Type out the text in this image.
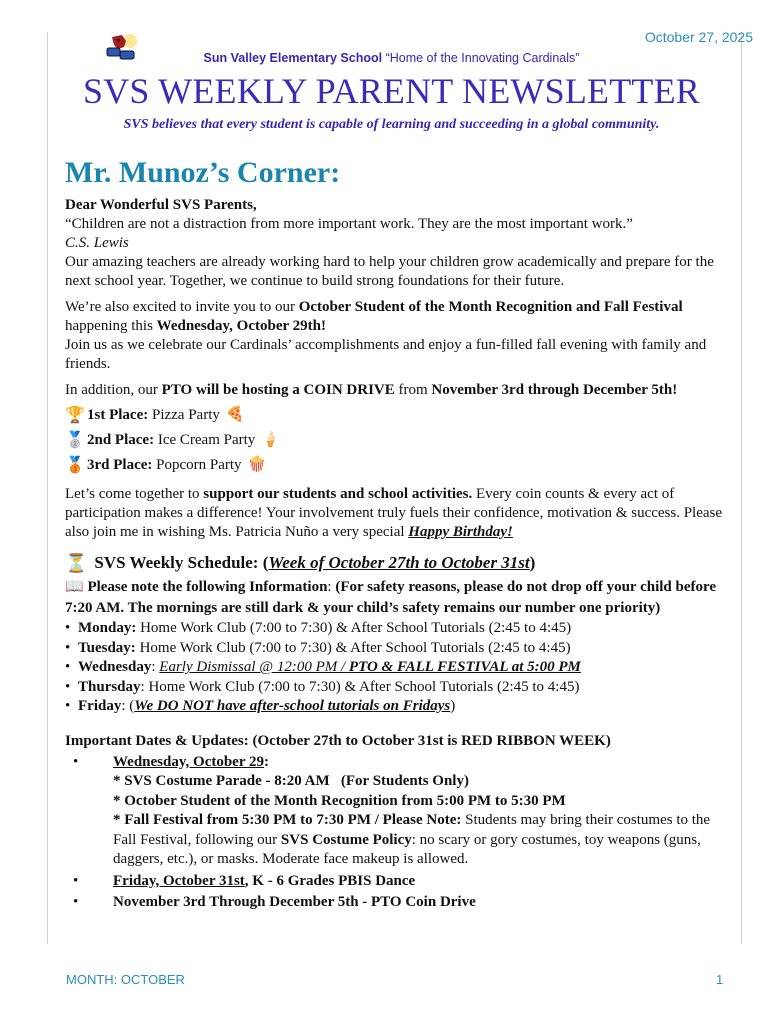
October 27, 2025
Sun Valley Elementary School “Home of the Innovating Cardinals”
SVS WEEKLY PARENT NEWSLETTER
SVS believes that every student is capable of learning and succeeding in a global community.
Mr. Munoz’s Corner:

Dear Wonderful SVS Parents,

“Children are not a distraction from more important work. They are the most important work.”

C.S. Lewis

Our amazing teachers are already working hard to help your children grow academically and prepare for the next school year. Together, we continue to build strong foundations for their future.

We’re also excited to invite you to our October Student of the Month Recognition and Fall Festival happening this Wednesday, October 29th!

Join us as we celebrate our Cardinals’ accomplishments and enjoy a fun-filled fall evening with family and friends.

In addition, our PTO will be hosting a COIN DRIVE from November 3rd through December 5th!

🏆 1st Place: Pizza Party 🍕
🥈 2nd Place: Ice Cream Party 🍦
🥉 3rd Place: Popcorn Party 🍿

Let’s come together to support our students and school activities. Every coin counts & every act of participation makes a difference! Your involvement truly fuels their confidence, motivation & success. Please also join me in wishing Ms. Patricia Nuño a very special Happy Birthday!

⏳ SVS Weekly Schedule: ( Week of October 27th to October 31st )

📖 Please note the following Information: (For safety reasons, please do not drop off your child before 7:20 AM. The mornings are still dark & your child’s safety remains our number one priority)

• Monday: Home Work Club (7:00 to 7:30) & After School Tutorials (2:45 to 4:45)
• Tuesday: Home Work Club (7:00 to 7:30) & After School Tutorials (2:45 to 4:45)
• Wednesday: Early Dismissal @ 12:00 PM / PTO & FALL FESTIVAL at 5:00 PM
• Thursday: Home Work Club (7:00 to 7:30) & After School Tutorials (2:45 to 4:45)
• Friday: (We DO NOT have after-school tutorials on Fridays)

Important Dates & Updates: (October 27th to October 31st is RED RIBBON WEEK)

• Wednesday, October 29:
* SVS Costume Parade - 8:20 AM   (For Students Only)
* October Student of the Month Recognition from 5:00 PM to 5:30 PM
* Fall Festival from 5:30 PM to 7:30 PM / Please Note: Students may bring their costumes to the Fall Festival, following our SVS Costume Policy: no scary or gory costumes, toy weapons (guns, daggers, etc.), or masks. Moderate face makeup is allowed.
• Friday, October 31st, K - 6 Grades PBIS Dance
• November 3rd Through December 5th - PTO Coin Drive
MONTH: OCTOBER	1
